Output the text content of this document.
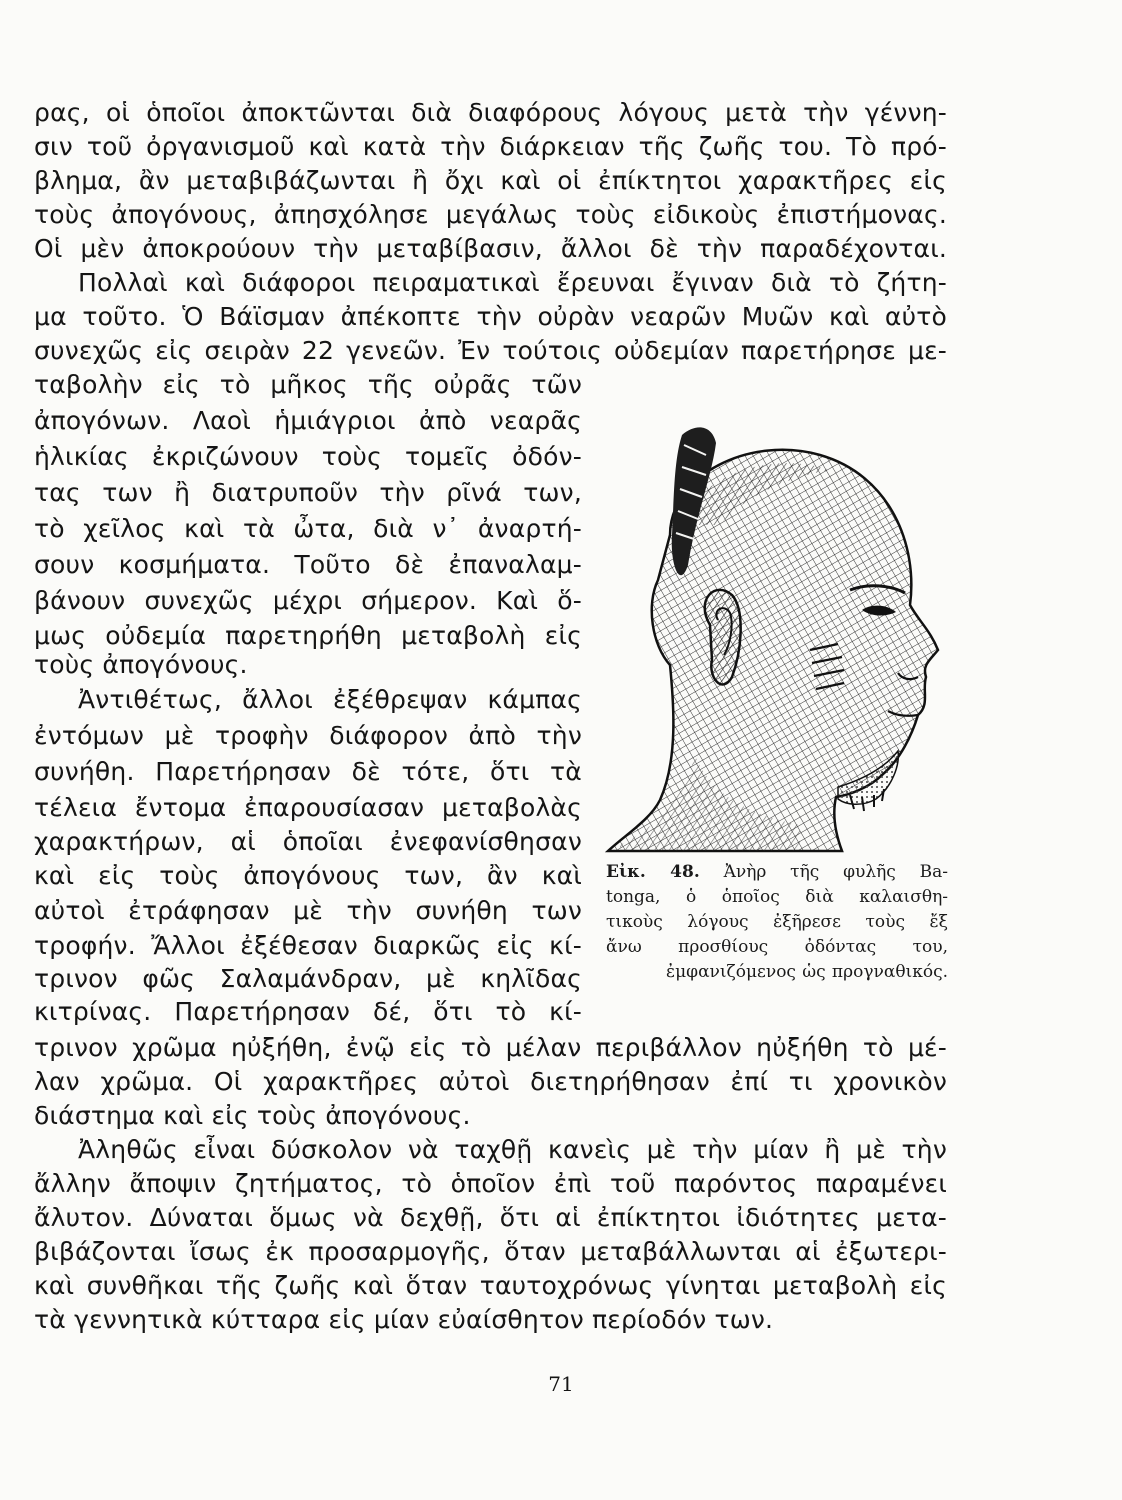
ρας, οἱ ὁποῖοι ἀποκτῶνται διὰ διαφόρους λόγους μετὰ τὴν γέννη-
σιν τοῦ ὀργανισμοῦ καὶ κατὰ τὴν διάρκειαν τῆς ζωῆς του. Τὸ πρό-
βλημα, ἂν μεταβιβάζωνται ἢ ὄχι καὶ οἱ ἐπίκτητοι χαρακτῆρες εἰς
τοὺς ἀπογόνους, ἀπησχόλησε μεγάλως τοὺς εἰδικοὺς ἐπιστήμονας.
Οἱ μὲν ἀποκρούουν τὴν μεταβίβασιν, ἄλλοι δὲ τὴν παραδέχονται.
Πολλαὶ καὶ διάφοροι πειραματικαὶ ἔρευναι ἔγιναν διὰ τὸ ζήτη-
μα τοῦτο. Ὁ Βάϊσμαν ἀπέκοπτε τὴν οὐρὰν νεαρῶν Μυῶν καὶ αὐτὸ
συνεχῶς εἰς σειρὰν 22 γενεῶν. Ἐν τούτοις οὐδεμίαν παρετήρησε με-
ταβολὴν εἰς τὸ μῆκος τῆς οὐρᾶς τῶν
ἀπογόνων. Λαοὶ ἡμιάγριοι ἀπὸ νεαρᾶς
ἡλικίας ἐκριζώνουν τοὺς τομεῖς ὀδόν-
τας των ἢ διατρυποῦν τὴν ρῖνά των,
τὸ χεῖλος καὶ τὰ ὦτα, διὰ ν᾽ ἀναρτή-
σουν κοσμήματα. Τοῦτο δὲ ἐπαναλαμ-
βάνουν συνεχῶς μέχρι σήμερον. Καὶ ὅ-
μως οὐδεμία παρετηρήθη μεταβολὴ εἰς
τοὺς ἀπογόνους.
Ἀντιθέτως, ἄλλοι ἐξέθρεψαν κάμπας
ἐντόμων μὲ τροφὴν διάφορον ἀπὸ τὴν
συνήθη. Παρετήρησαν δὲ τότε, ὅτι τὰ
τέλεια ἔντομα ἐπαρουσίασαν μεταβολὰς
χαρακτήρων, αἱ ὁποῖαι ἐνεφανίσθησαν
καὶ εἰς τοὺς ἀπογόνους των, ἂν καὶ
αὐτοὶ ἐτράφησαν μὲ τὴν συνήθη των
τροφήν. Ἄλλοι ἐξέθεσαν διαρκῶς εἰς κί-
τρινον φῶς Σαλαμάνδραν, μὲ κηλῖδας
κιτρίνας. Παρετήρησαν δέ, ὅτι τὸ κί-
τρινον χρῶμα ηὐξήθη, ἐνῷ εἰς τὸ μέλαν περιβάλλον ηὐξήθη τὸ μέ-
λαν χρῶμα. Οἱ χαρακτῆρες αὐτοὶ διετηρήθησαν ἐπί τι χρονικὸν
διάστημα καὶ εἰς τοὺς ἀπογόνους.
Ἀληθῶς εἶναι δύσκολον νὰ ταχθῇ κανεὶς μὲ τὴν μίαν ἢ μὲ τὴν
ἄλλην ἄποψιν ζητήματος, τὸ ὁποῖον ἐπὶ τοῦ παρόντος παραμένει
ἄλυτον. Δύναται ὅμως νὰ δεχθῇ, ὅτι αἱ ἐπίκτητοι ἰδιότητες μετα-
βιβάζονται ἴσως ἐκ προσαρμογῆς, ὅταν μεταβάλλωνται αἱ ἐξωτερι-
καὶ συνθῆκαι τῆς ζωῆς καὶ ὅταν ταυτοχρόνως γίνηται μεταβολὴ εἰς
τὰ γεννητικὰ κύτταρα εἰς μίαν εὐαίσθητον περίοδόν των.
Εἰκ. 48. Ἀνὴρ τῆς φυλῆς Ba-
tonga, ὁ ὁποῖος διὰ καλαισθη-
τικοὺς λόγους ἐξῆρεσε τοὺς ἔξ
ἄνω προσθίους ὀδόντας του,
ἐμφανιζόμενος ὡς προγναθικός.
71
